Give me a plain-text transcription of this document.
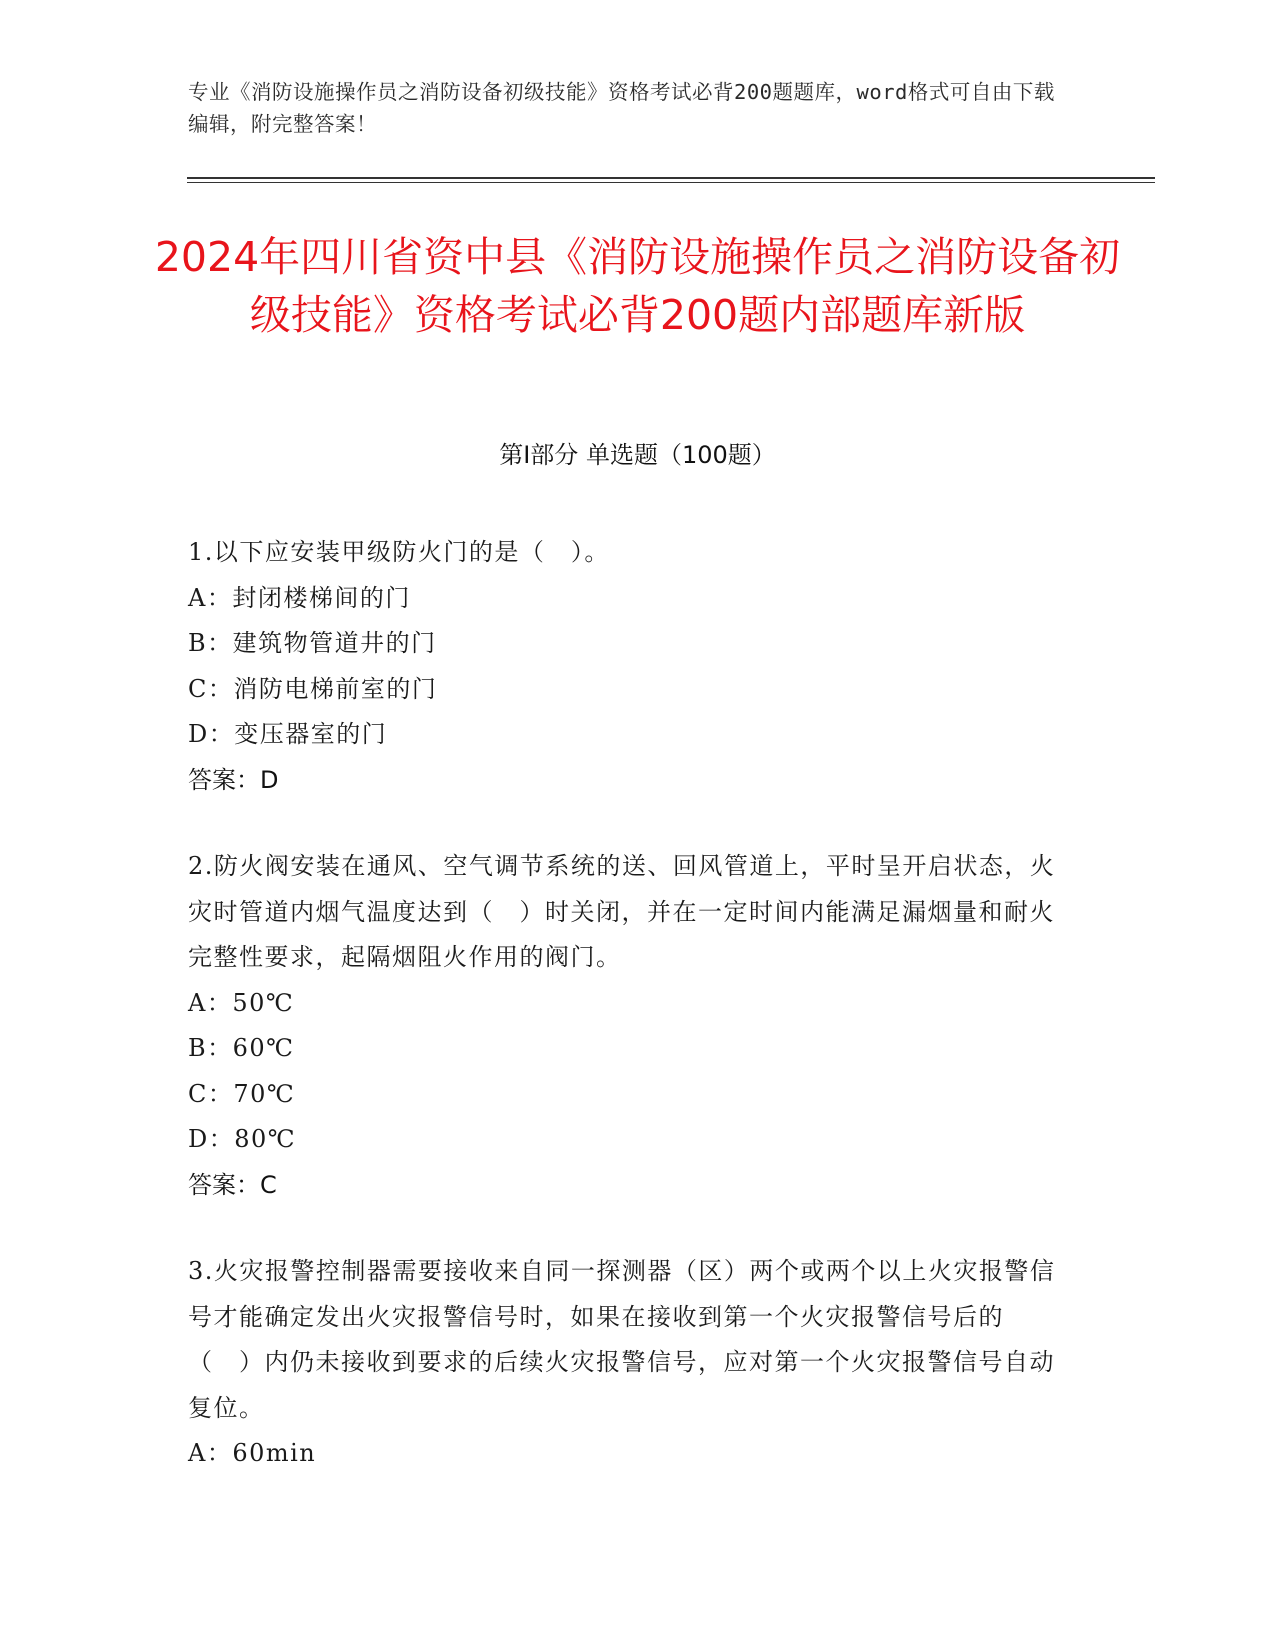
专业《消防设施操作员之消防设备初级技能》资格考试必背200题题库，word格式可自由下载编辑，附完整答案！
2024年四川省资中县《消防设施操作员之消防设备初级技能》资格考试必背200题内部题库新版
第Ⅰ部分 单选题（100题）

1.以下应安装甲级防火门的是（　）。

A：封闭楼梯间的门

B：建筑物管道井的门

C：消防电梯前室的门

D：变压器室的门

答案：D

2.防火阀安装在通风、空气调节系统的送、回风管道上，平时呈开启状态，火灾时管道内烟气温度达到（　）时关闭，并在一定时间内能满足漏烟量和耐火完整性要求，起隔烟阻火作用的阀门。

A：50℃

B：60℃

C：70℃

D：80℃

答案：C

3.火灾报警控制器需要接收来自同一探测器（区）两个或两个以上火灾报警信号才能确定发出火灾报警信号时，如果在接收到第一个火灾报警信号后的（　）内仍未接收到要求的后续火灾报警信号，应对第一个火灾报警信号自动复位。

A：60min
